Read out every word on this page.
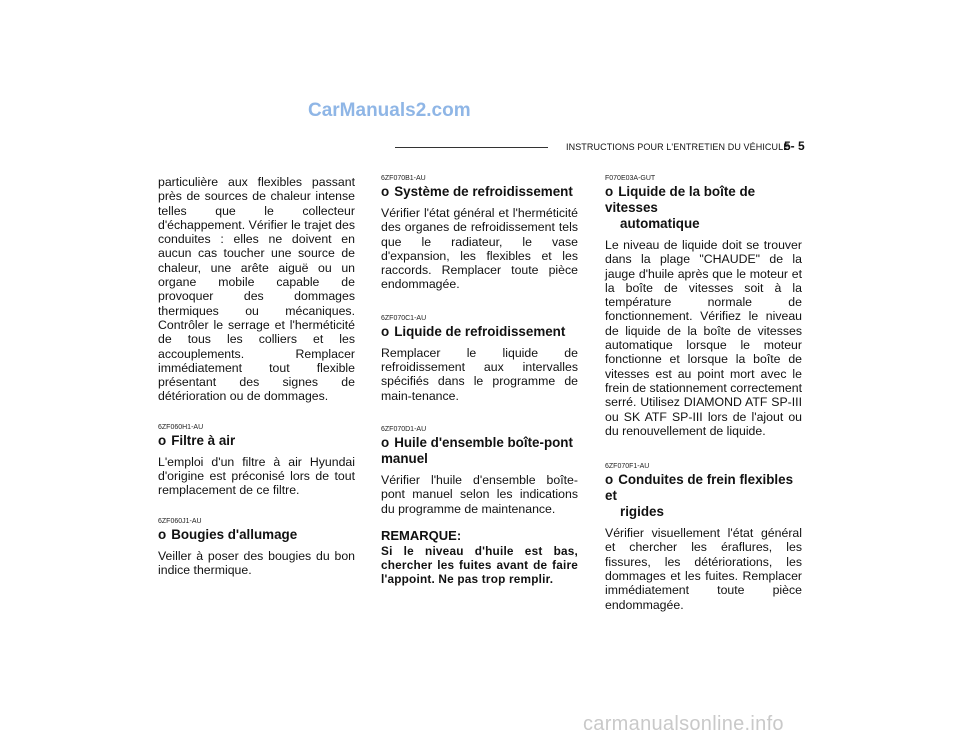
CarManuals2.com
INSTRUCTIONS POUR L'ENTRETIEN DU VÉHICULE
5- 5

particulière aux flexibles passant près de sources de chaleur intense telles que le collecteur d'échappement. Vérifier le trajet des conduites : elles ne doivent en aucun cas toucher une source de chaleur, une arête aiguë ou un organe mobile capable de provoquer des dommages thermiques ou mécaniques. Contrôler le serrage et l'herméticité de tous les colliers et les accouplements. Remplacer immédiatement tout flexible présentant des signes de détérioration ou de dommages.

6ZF060H1-AU

o Filtre à air

L'emploi d'un filtre à air Hyundai d'origine est préconisé lors de tout remplacement de ce filtre.

6ZF060J1-AU

o Bougies d'allumage

Veiller à poser des bougies du bon indice thermique.

6ZF070B1-AU

o Système de refroidissement

Vérifier l'état général et l'herméticité des organes de refroidissement tels que le radiateur, le vase d'expansion, les flexibles et les raccords. Remplacer toute pièce endommagée.

6ZF070C1-AU

o Liquide de refroidissement

Remplacer le liquide de refroidissement aux intervalles spécifiés dans le programme de main-tenance.

6ZF070D1-AU

o Huile d'ensemble boîte-pont manuel

Vérifier l'huile d'ensemble boîte-pont manuel selon les indications du programme de maintenance.

REMARQUE:

Si le niveau d'huile est bas, chercher les fuites avant de faire l'appoint. Ne pas trop remplir.

F070E03A-GUT

o Liquide de la boîte de vitesses
automatique

Le niveau de liquide doit se trouver dans la plage "CHAUDE" de la jauge d'huile après que le moteur et la boîte de vitesses soit à la température normale de fonctionnement. Vérifiez le niveau de liquide de la boîte de vitesses automatique lorsque le moteur fonctionne et lorsque la boîte de vitesses est au point mort avec le frein de stationnement correctement serré. Utilisez DIAMOND ATF SP-III ou SK ATF SP-III lors de l'ajout ou du renouvellement de liquide.

6ZF070F1-AU

o Conduites de frein flexibles et
rigides

Vérifier visuellement l'état général et chercher les éraflures, les fissures, les détériorations, les dommages et les fuites. Remplacer immédiatement toute pièce endommagée.

carmanualsonline.info
